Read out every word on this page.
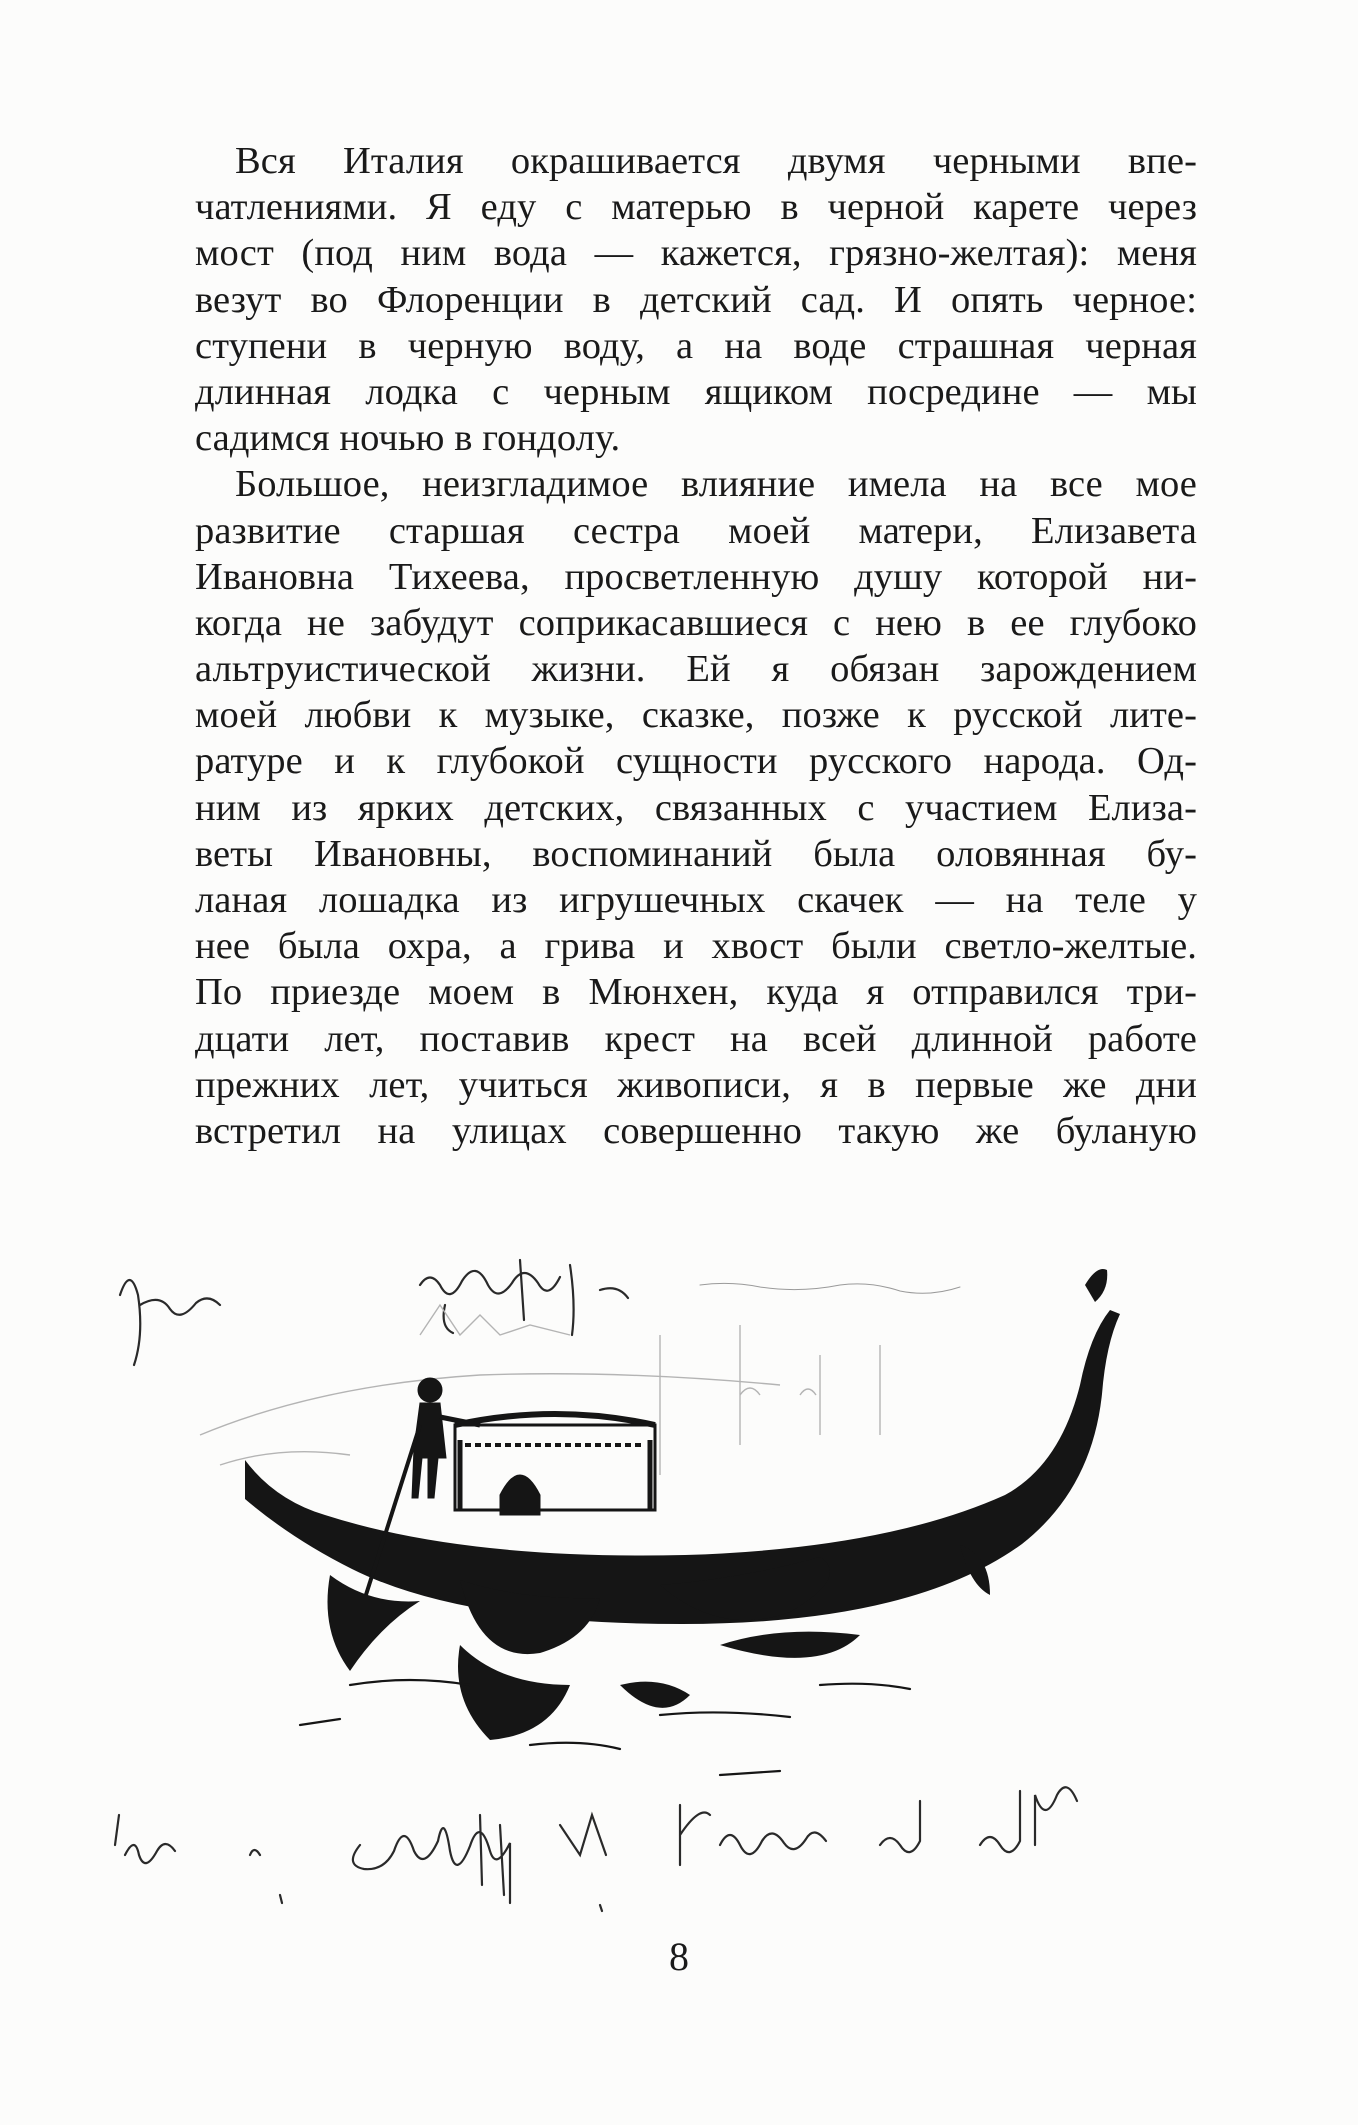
Вся Италия окрашивается двумя черными впе-
чатлениями. Я еду с матерью в черной карете через
мост (под ним вода — кажется, грязно-желтая): меня
везут во Флоренции в детский сад. И опять черное:
ступени в черную воду, а на воде страшная черная
длинная лодка с черным ящиком посредине — мы
садимся ночью в гондолу.
Большое, неизгладимое влияние имела на все мое
развитие старшая сестра моей матери, Елизавета
Ивановна Тихеева, просветленную душу которой ни-
когда не забудут соприкасавшиеся с нею в ее глубоко
альтруистической жизни. Ей я обязан зарождением
моей любви к музыке, сказке, позже к русской лите-
ратуре и к глубокой сущности русского народа. Од-
ним из ярких детских, связанных с участием Елиза-
веты Ивановны, воспоминаний была оловянная бу-
ланая лошадка из игрушечных скачек — на теле у
нее была охра, а грива и хвост были светло-желтые.
По приезде моем в Мюнхен, куда я отправился три-
дцати лет, поставив крест на всей длинной работе
прежних лет, учиться живописи, я в первые же дни
встретил на улицах совершенно такую же буланую
8
